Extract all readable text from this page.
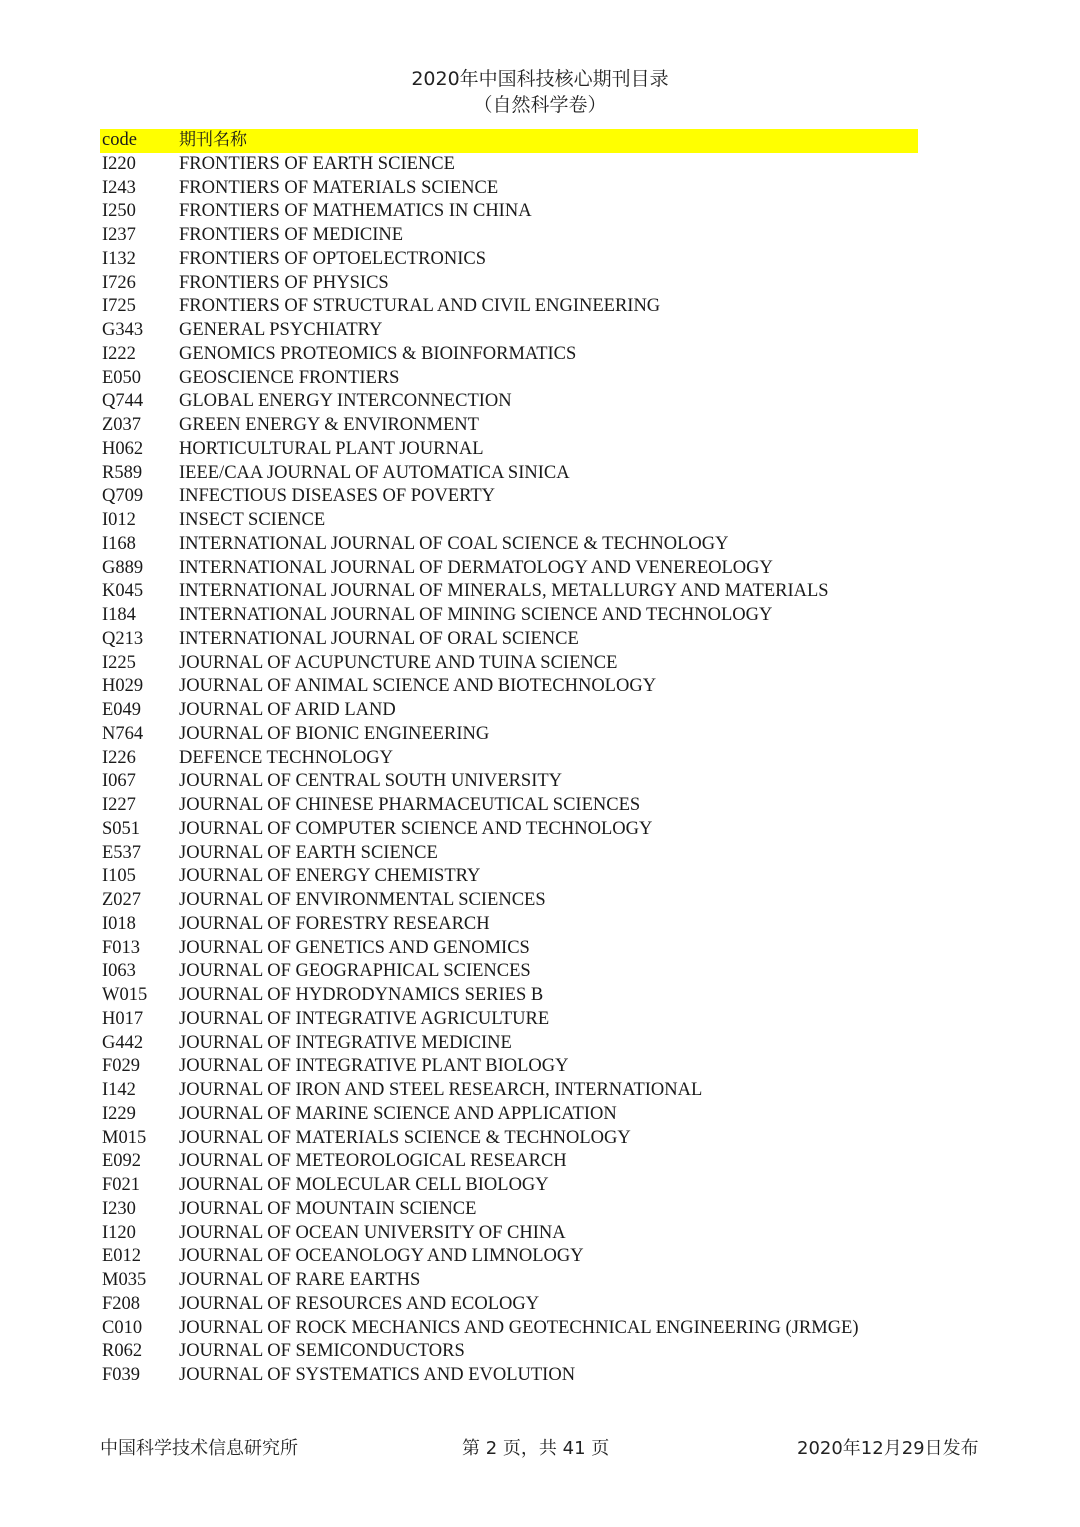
2020年中国科技核心期刊目录
（自然科学卷）
code	期刊名称
I220	FRONTIERS OF EARTH SCIENCE
I243	FRONTIERS OF MATERIALS SCIENCE
I250	FRONTIERS OF MATHEMATICS IN CHINA
I237	FRONTIERS OF MEDICINE
I132	FRONTIERS OF OPTOELECTRONICS
I726	FRONTIERS OF PHYSICS
I725	FRONTIERS OF STRUCTURAL AND CIVIL ENGINEERING
G343	GENERAL PSYCHIATRY
I222	GENOMICS PROTEOMICS & BIOINFORMATICS
E050	GEOSCIENCE FRONTIERS
Q744	GLOBAL ENERGY INTERCONNECTION
Z037	GREEN ENERGY & ENVIRONMENT
H062	HORTICULTURAL PLANT JOURNAL
R589	IEEE/CAA JOURNAL OF AUTOMATICA SINICA
Q709	INFECTIOUS DISEASES OF POVERTY
I012	INSECT SCIENCE
I168	INTERNATIONAL JOURNAL OF COAL SCIENCE & TECHNOLOGY
G889	INTERNATIONAL JOURNAL OF DERMATOLOGY AND VENEREOLOGY
K045	INTERNATIONAL JOURNAL OF MINERALS, METALLURGY AND MATERIALS
I184	INTERNATIONAL JOURNAL OF MINING SCIENCE AND TECHNOLOGY
Q213	INTERNATIONAL JOURNAL OF ORAL SCIENCE
I225	JOURNAL OF ACUPUNCTURE AND TUINA SCIENCE
H029	JOURNAL OF ANIMAL SCIENCE AND BIOTECHNOLOGY
E049	JOURNAL OF ARID LAND
N764	JOURNAL OF BIONIC ENGINEERING
I226	DEFENCE TECHNOLOGY
I067	JOURNAL OF CENTRAL SOUTH UNIVERSITY
I227	JOURNAL OF CHINESE PHARMACEUTICAL SCIENCES
S051	JOURNAL OF COMPUTER SCIENCE AND TECHNOLOGY
E537	JOURNAL OF EARTH SCIENCE
I105	JOURNAL OF ENERGY CHEMISTRY
Z027	JOURNAL OF ENVIRONMENTAL SCIENCES
I018	JOURNAL OF FORESTRY RESEARCH
F013	JOURNAL OF GENETICS AND GENOMICS
I063	JOURNAL OF GEOGRAPHICAL SCIENCES
W015	JOURNAL OF HYDRODYNAMICS SERIES B
H017	JOURNAL OF INTEGRATIVE AGRICULTURE
G442	JOURNAL OF INTEGRATIVE MEDICINE
F029	JOURNAL OF INTEGRATIVE PLANT BIOLOGY
I142	JOURNAL OF IRON AND STEEL RESEARCH, INTERNATIONAL
I229	JOURNAL OF MARINE SCIENCE AND APPLICATION
M015	JOURNAL OF MATERIALS SCIENCE & TECHNOLOGY
E092	JOURNAL OF METEOROLOGICAL RESEARCH
F021	JOURNAL OF MOLECULAR CELL BIOLOGY
I230	JOURNAL OF MOUNTAIN SCIENCE
I120	JOURNAL OF OCEAN UNIVERSITY OF CHINA
E012	JOURNAL OF OCEANOLOGY AND LIMNOLOGY
M035	JOURNAL OF RARE EARTHS
F208	JOURNAL OF RESOURCES AND ECOLOGY
C010	JOURNAL OF ROCK MECHANICS AND GEOTECHNICAL ENGINEERING (JRMGE)
R062	JOURNAL OF SEMICONDUCTORS
F039	JOURNAL OF SYSTEMATICS AND EVOLUTION
中国科学技术信息研究所	第 2 页，共 41 页	2020年12月29日发布
